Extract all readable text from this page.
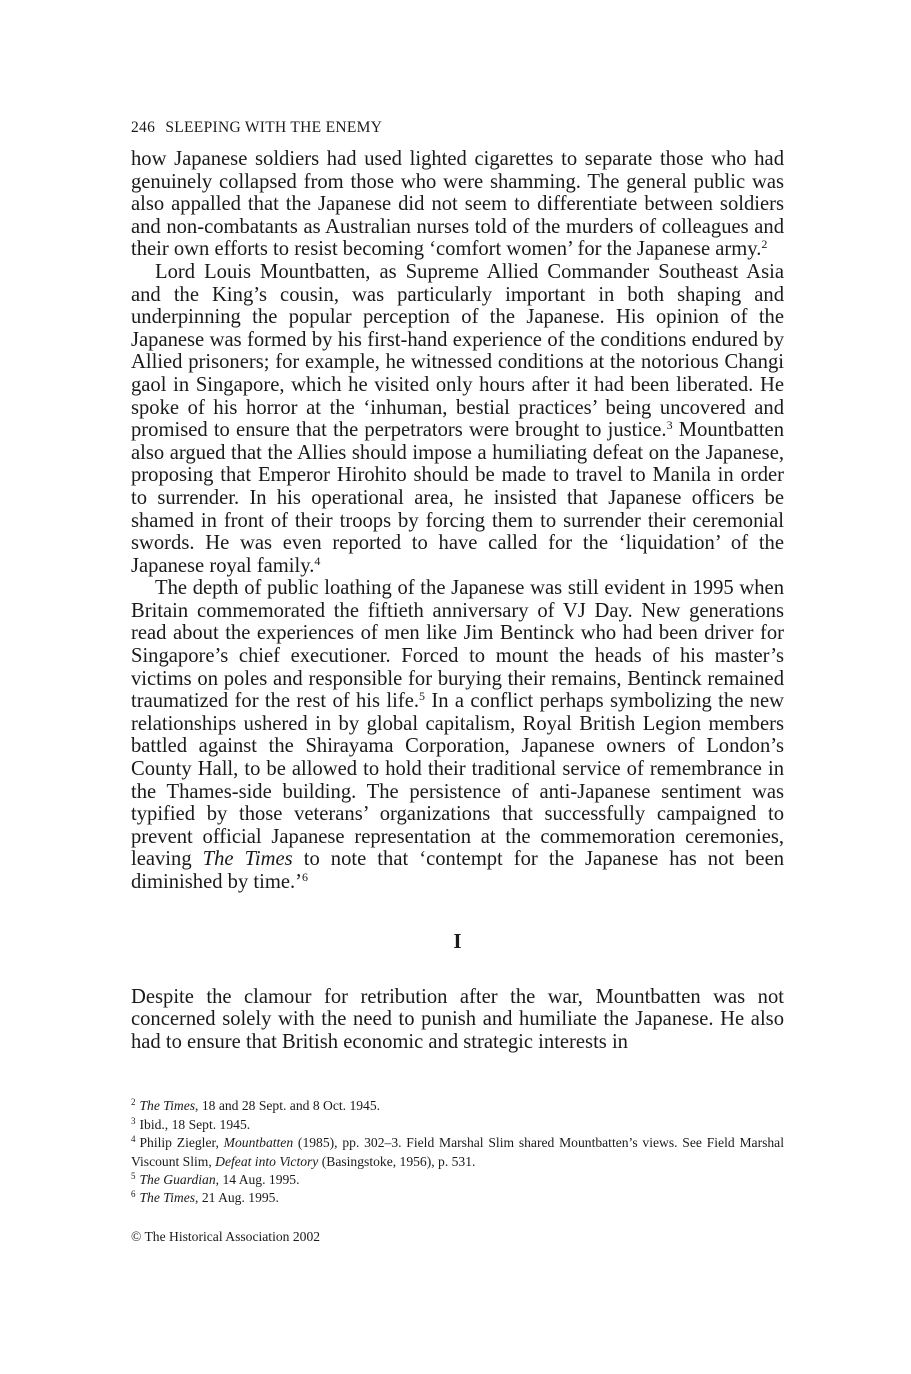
246 SLEEPING WITH THE ENEMY

how Japanese soldiers had used lighted cigarettes to separate those who had genuinely collapsed from those who were shamming. The general public was also appalled that the Japanese did not seem to differentiate between soldiers and non-combatants as Australian nurses told of the murders of colleagues and their own efforts to resist becoming ‘comfort women’ for the Japanese army.$^2$

Lord Louis Mountbatten, as Supreme Allied Commander Southeast Asia and the King’s cousin, was particularly important in both shaping and underpinning the popular perception of the Japanese. His opinion of the Japanese was formed by his first-hand experience of the conditions endured by Allied prisoners; for example, he witnessed conditions at the notorious Changi gaol in Singapore, which he visited only hours after it had been liberated. He spoke of his horror at the ‘inhuman, bestial practices’ being uncovered and promised to ensure that the perpetrators were brought to justice.$^3$ Mountbatten also argued that the Allies should impose a humiliating defeat on the Japanese, proposing that Emperor Hirohito should be made to travel to Manila in order to surrender. In his operational area, he insisted that Japanese officers be shamed in front of their troops by forcing them to surrender their ceremonial swords. He was even reported to have called for the ‘liquidation’ of the Japanese royal family.$^4$

The depth of public loathing of the Japanese was still evident in 1995 when Britain commemorated the fiftieth anniversary of VJ Day. New generations read about the experiences of men like Jim Bentinck who had been driver for Singapore’s chief executioner. Forced to mount the heads of his master’s victims on poles and responsible for burying their remains, Bentinck remained traumatized for the rest of his life.$^5$ In a conflict perhaps symbolizing the new relationships ushered in by global capitalism, Royal British Legion members battled against the Shirayama Corporation, Japanese owners of London’s County Hall, to be allowed to hold their traditional service of remembrance in the Thames-side building. The persistence of anti-Japanese sentiment was typified by those veterans’ organizations that successfully campaigned to prevent official Japanese representation at the commemoration ceremonies, leaving The Times to note that ‘contempt for the Japanese has not been diminished by time.’$^6$

I

Despite the clamour for retribution after the war, Mountbatten was not concerned solely with the need to punish and humiliate the Japanese. He also had to ensure that British economic and strategic interests in

$^2$ The Times, 18 and 28 Sept. and 8 Oct. 1945.

$^3$ Ibid., 18 Sept. 1945.

$^4$ Philip Ziegler, Mountbatten (1985), pp. 302–3. Field Marshal Slim shared Mountbatten’s views. See Field Marshal Viscount Slim, Defeat into Victory (Basingstoke, 1956), p. 531.

$^5$ The Guardian, 14 Aug. 1995.

$^6$ The Times, 21 Aug. 1995.

© The Historical Association 2002
